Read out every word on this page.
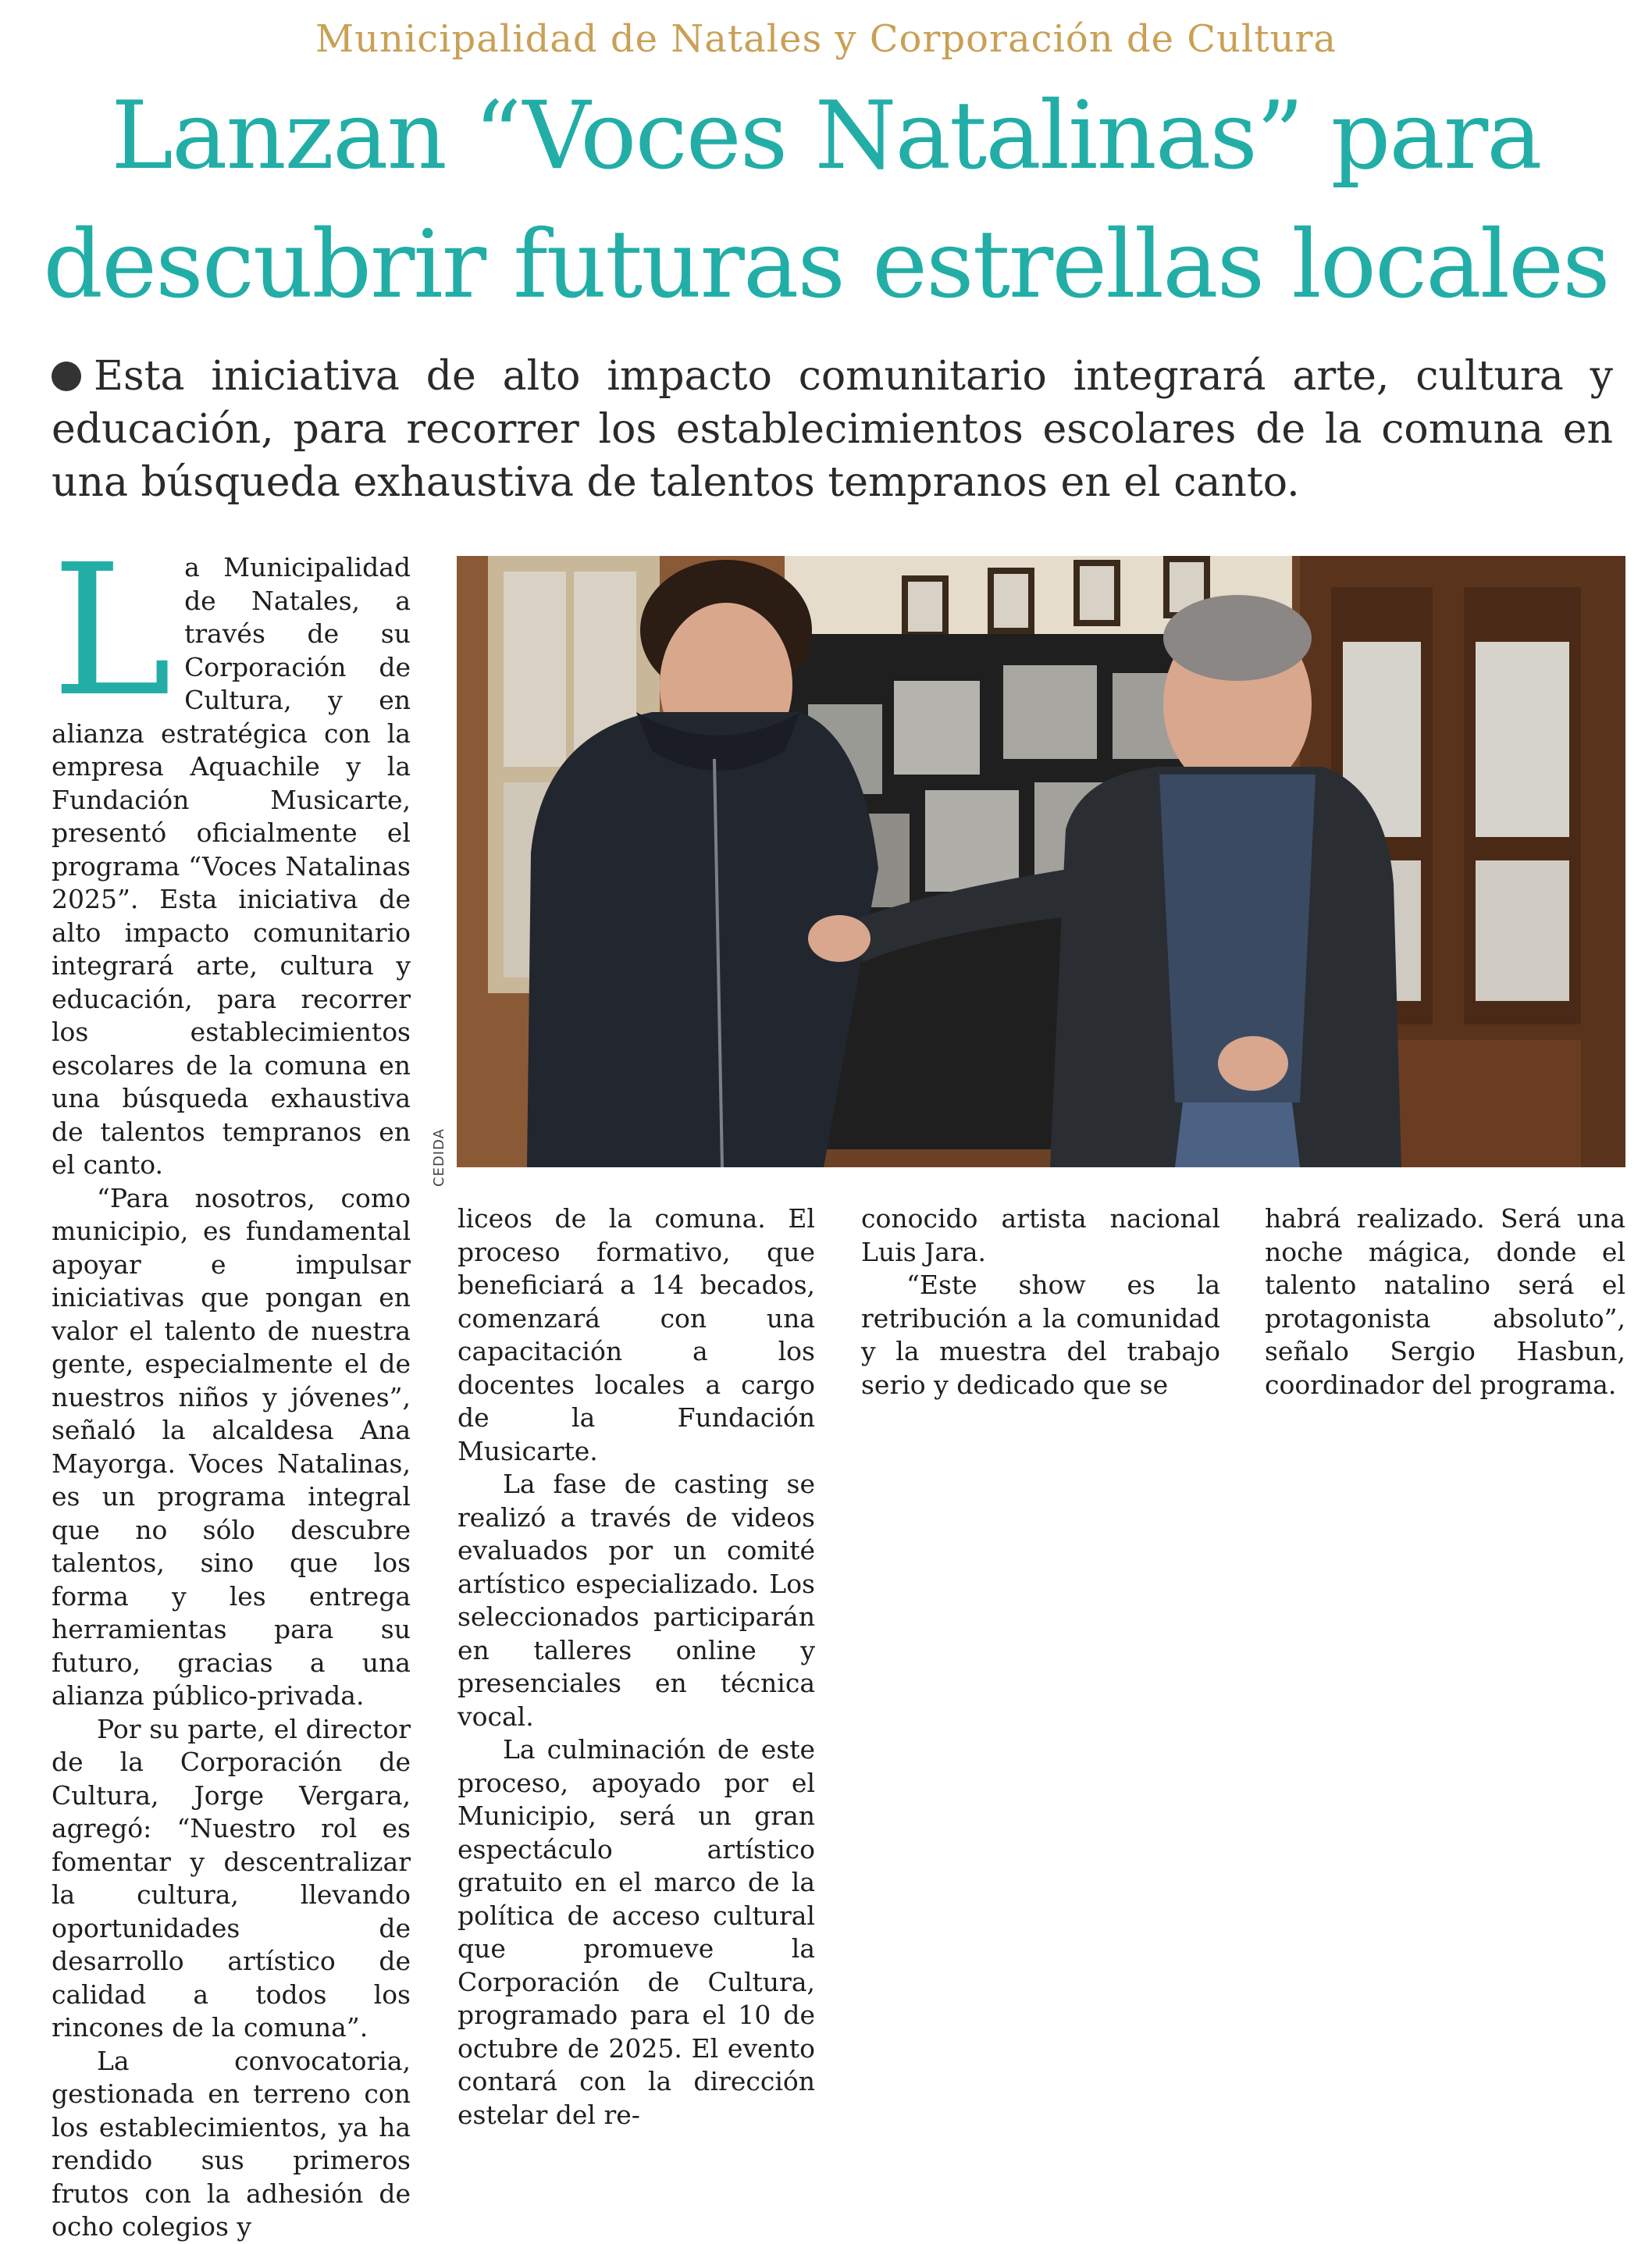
Municipalidad de Natales y Corporación de Cultura
Lanzan “Voces Natalinas” para
descubrir futuras estrellas locales
Esta iniciativa de alto impacto comunitario integrará arte, cultura y educación, para recorrer los establecimientos escolares de la comuna en una búsqueda exhaustiva de talentos tempranos en el canto.
L a Municipalidad de Natales, a través de su Corporación de Cultura, y en alianza estratégica con la empresa Aquachile y la Fundación Musicarte, presentó oficialmente el programa “Voces Natalinas 2025”. Esta iniciativa de alto impacto comunitario integrará arte, cultura y educación, para recorrer los establecimientos escolares de la comuna en una búsqueda exhaustiva de talentos tempranos en el canto.

“Para nosotros, como municipio, es fundamental apoyar e impulsar iniciativas que pongan en valor el talento de nuestra gente, especialmente el de nuestros niños y jóvenes”, señaló la alcaldesa Ana Mayorga. Voces Natalinas, es un programa integral que no sólo descubre talentos, sino que los forma y les entrega herramientas para su futuro, gracias a una alianza público-privada.

Por su parte, el director de la Corporación de Cultura, Jorge Vergara, agregó: “Nuestro rol es fomentar y descentralizar la cultura, llevando oportunidades de desarrollo artístico de calidad a todos los rincones de la comuna”.

La convocatoria, gestionada en terreno con los establecimientos, ya ha rendido sus primeros frutos con la adhesión de ocho colegios y

CEDIDA

liceos de la comuna. El proceso formativo, que beneficiará a 14 becados, comenzará con una capacitación a los docentes locales a cargo de la Fundación Musicarte.

La fase de casting se realizó a través de videos evaluados por un comité artístico especializado. Los seleccionados participarán en talleres online y presenciales en técnica vocal.

La culminación de este proceso, apoyado por el Municipio, será un gran espectáculo artístico gratuito en el marco de la política de acceso cultural que promueve la Corporación de Cultura, programado para el 10 de octubre de 2025. El evento contará con la dirección estelar del re-

conocido artista nacional Luis Jara.

“Este show es la retribución a la comunidad y la muestra del trabajo serio y dedicado que se

habrá realizado. Será una noche mágica, donde el talento natalino será el protagonista absoluto”, señalo Sergio Hasbun, coordinador del programa.
